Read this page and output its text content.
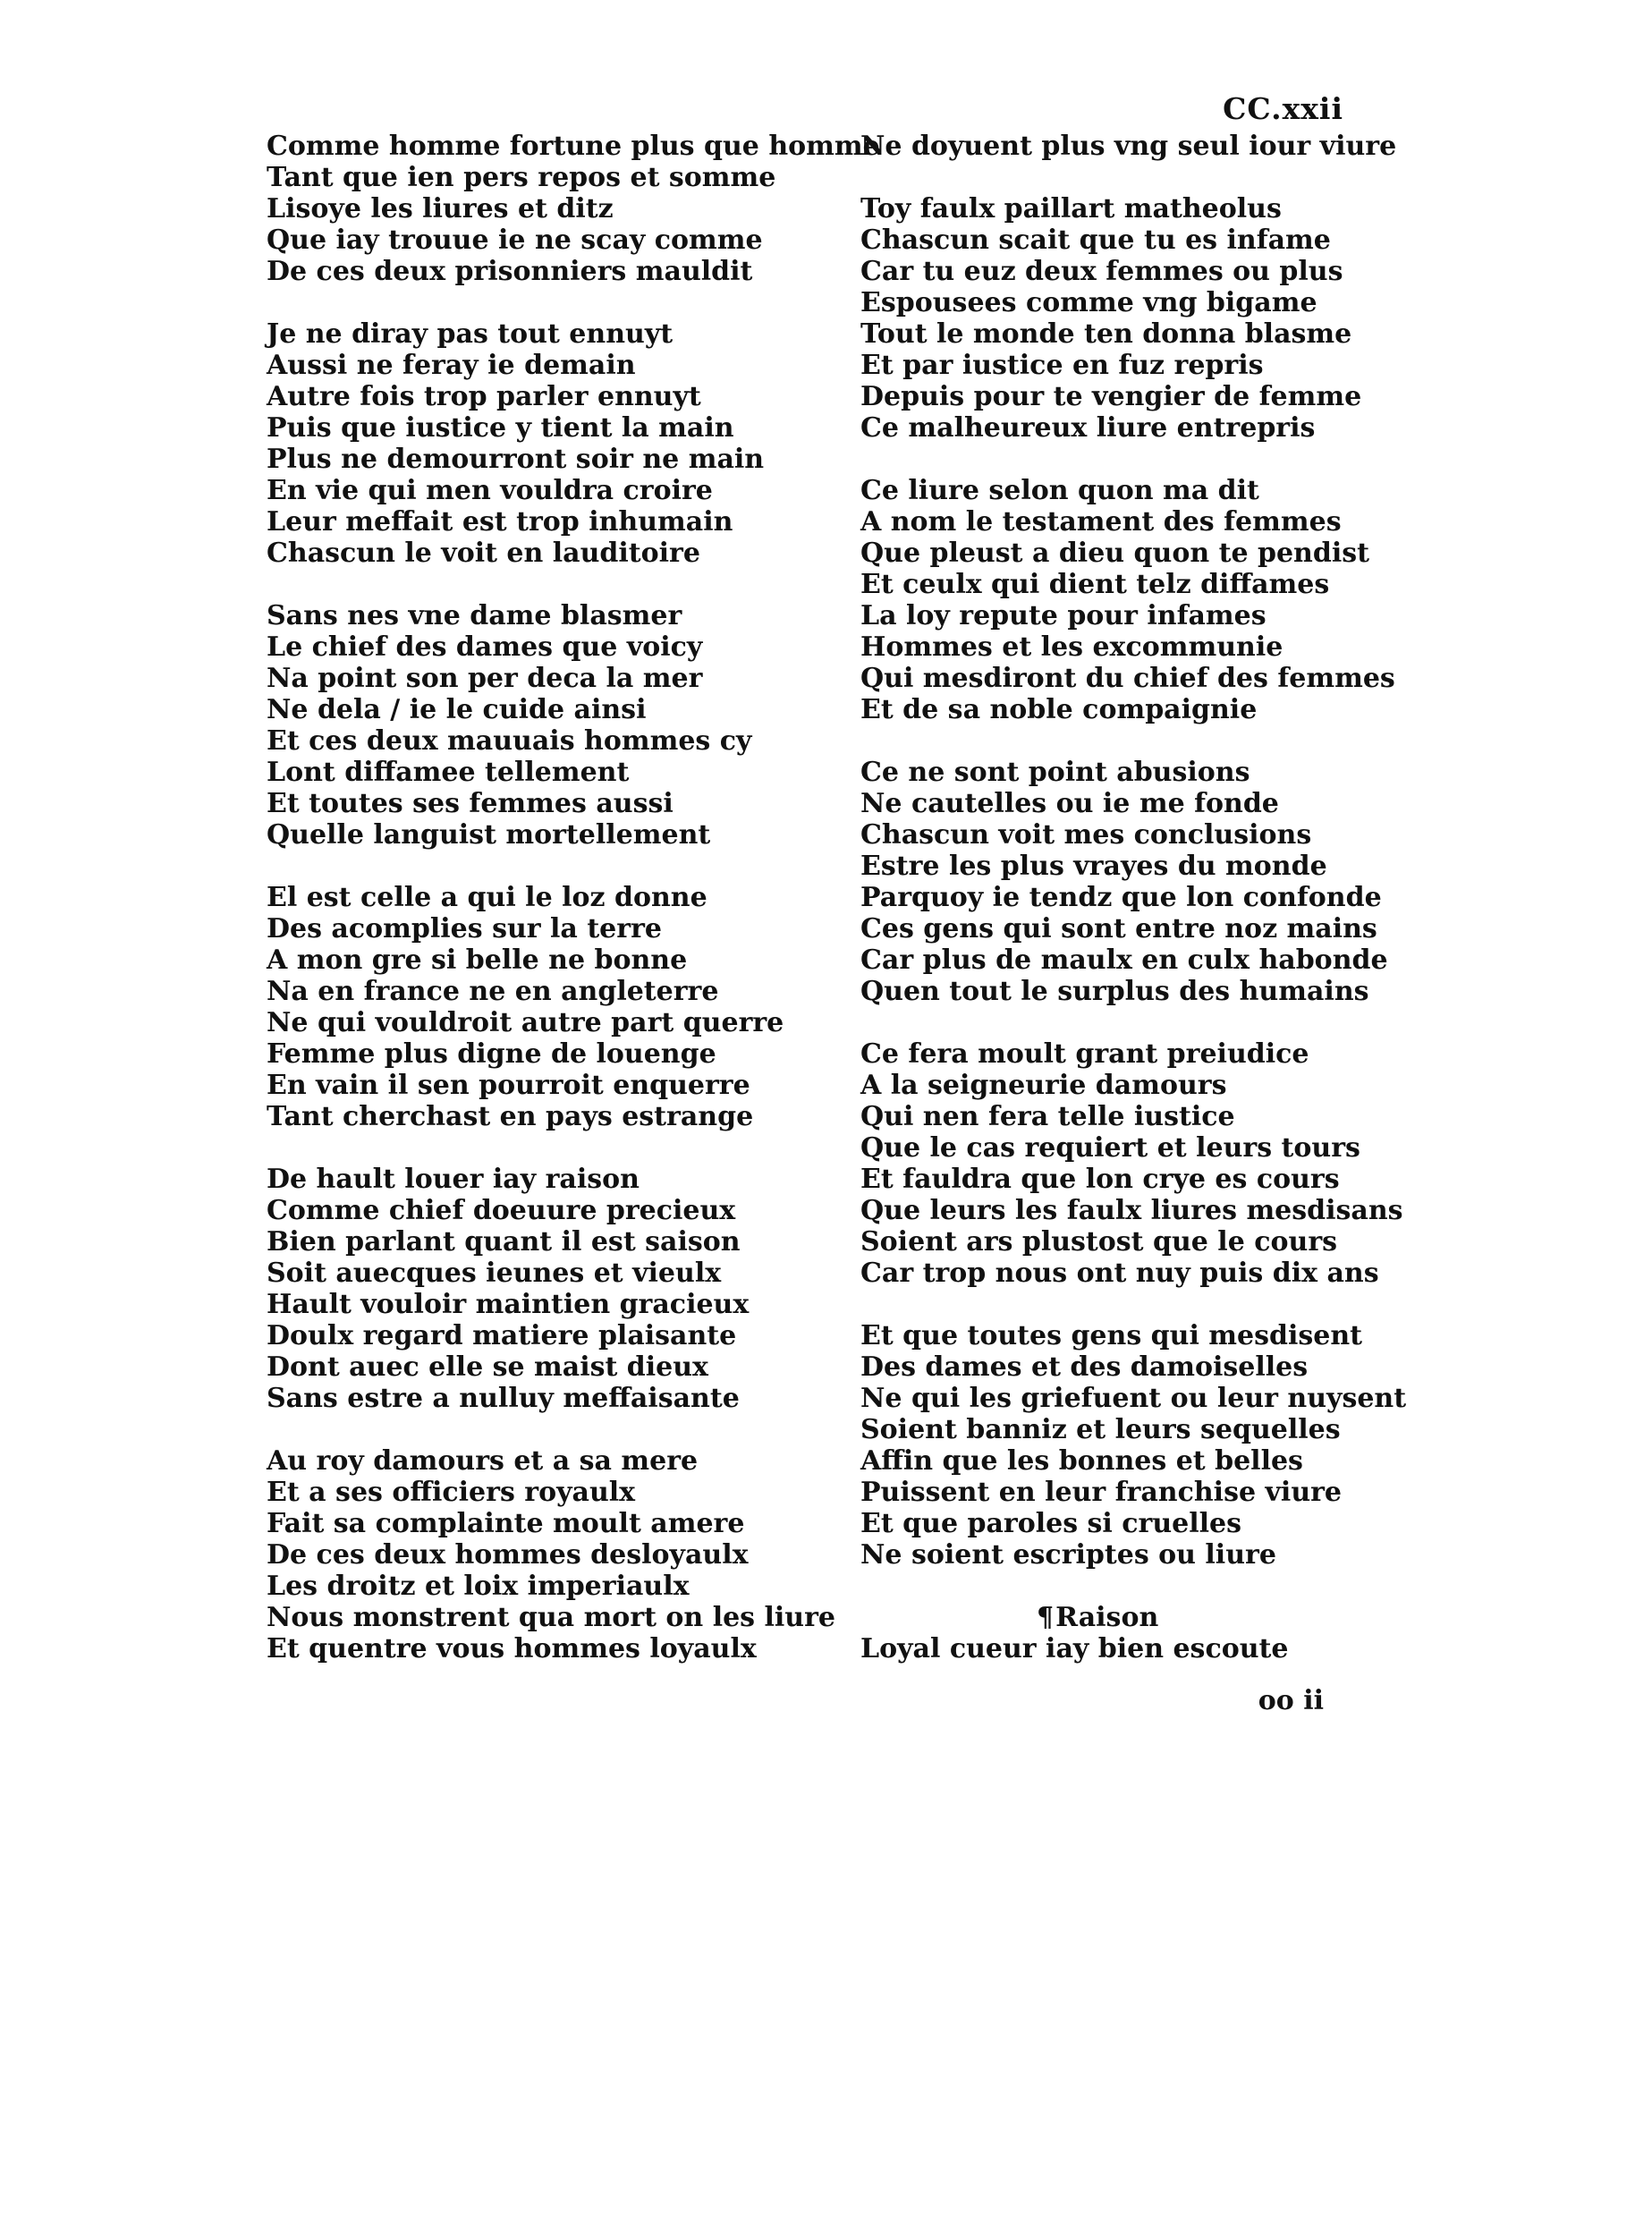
CC.xxii
Comme homme fortune plus que homme
Tant que ien pers repos et somme
Lisoye les liures et ditz
Que iay trouue ie ne scay comme
De ces deux prisonniers mauldit
Je ne diray pas tout ennuyt
Aussi ne feray ie demain
Autre fois trop parler ennuyt
Puis que iustice y tient la main
Plus ne demourront soir ne main
En vie qui men vouldra croire
Leur meffait est trop inhumain
Chascun le voit en lauditoire
Sans nes vne dame blasmer
Le chief des dames que voicy
Na point son per deca la mer
Ne dela / ie le cuide ainsi
Et ces deux mauuais hommes cy
Lont diffamee tellement
Et toutes ses femmes aussi
Quelle languist mortellement
El est celle a qui le loz donne
Des acomplies sur la terre
A mon gre si belle ne bonne
Na en france ne en angleterre
Ne qui vouldroit autre part querre
Femme plus digne de louenge
En vain il sen pourroit enquerre
Tant cherchast en pays estrange
De hault louer iay raison
Comme chief doeuure precieux
Bien parlant quant il est saison
Soit auecques ieunes et vieulx
Hault vouloir maintien gracieux
Doulx regard matiere plaisante
Dont auec elle se maist dieux
Sans estre a nulluy meffaisante
Au roy damours et a sa mere
Et a ses officiers royaulx
Fait sa complainte moult amere
De ces deux hommes desloyaulx
Les droitz et loix imperiaulx
Nous monstrent qua mort on les liure
Et quentre vous hommes loyaulx
Ne doyuent plus vng seul iour viure
Toy faulx paillart matheolus
Chascun scait que tu es infame
Car tu euz deux femmes ou plus
Espousees comme vng bigame
Tout le monde ten donna blasme
Et par iustice en fuz repris
Depuis pour te vengier de femme
Ce malheureux liure entrepris
Ce liure selon quon ma dit
A nom le testament des femmes
Que pleust a dieu quon te pendist
Et ceulx qui dient telz diffames
La loy repute pour infames
Hommes et les excommunie
Qui mesdiront du chief des femmes
Et de sa noble compaignie
Ce ne sont point abusions
Ne cautelles ou ie me fonde
Chascun voit mes conclusions
Estre les plus vrayes du monde
Parquoy ie tendz que lon confonde
Ces gens qui sont entre noz mains
Car plus de maulx en culx habonde
Quen tout le surplus des humains
Ce fera moult grant preiudice
A la seigneurie damours
Qui nen fera telle iustice
Que le cas requiert et leurs tours
Et fauldra que lon crye es cours
Que leurs les faulx liures mesdisans
Soient ars plustost que le cours
Car trop nous ont nuy puis dix ans
Et que toutes gens qui mesdisent
Des dames et des damoiselles
Ne qui les griefuent ou leur nuysent
Soient banniz et leurs sequelles
Affin que les bonnes et belles
Puissent en leur franchise viure
Et que paroles si cruelles
Ne soient escriptes ou liure
¶Raison
Loyal cueur iay bien escoute
oo ii
